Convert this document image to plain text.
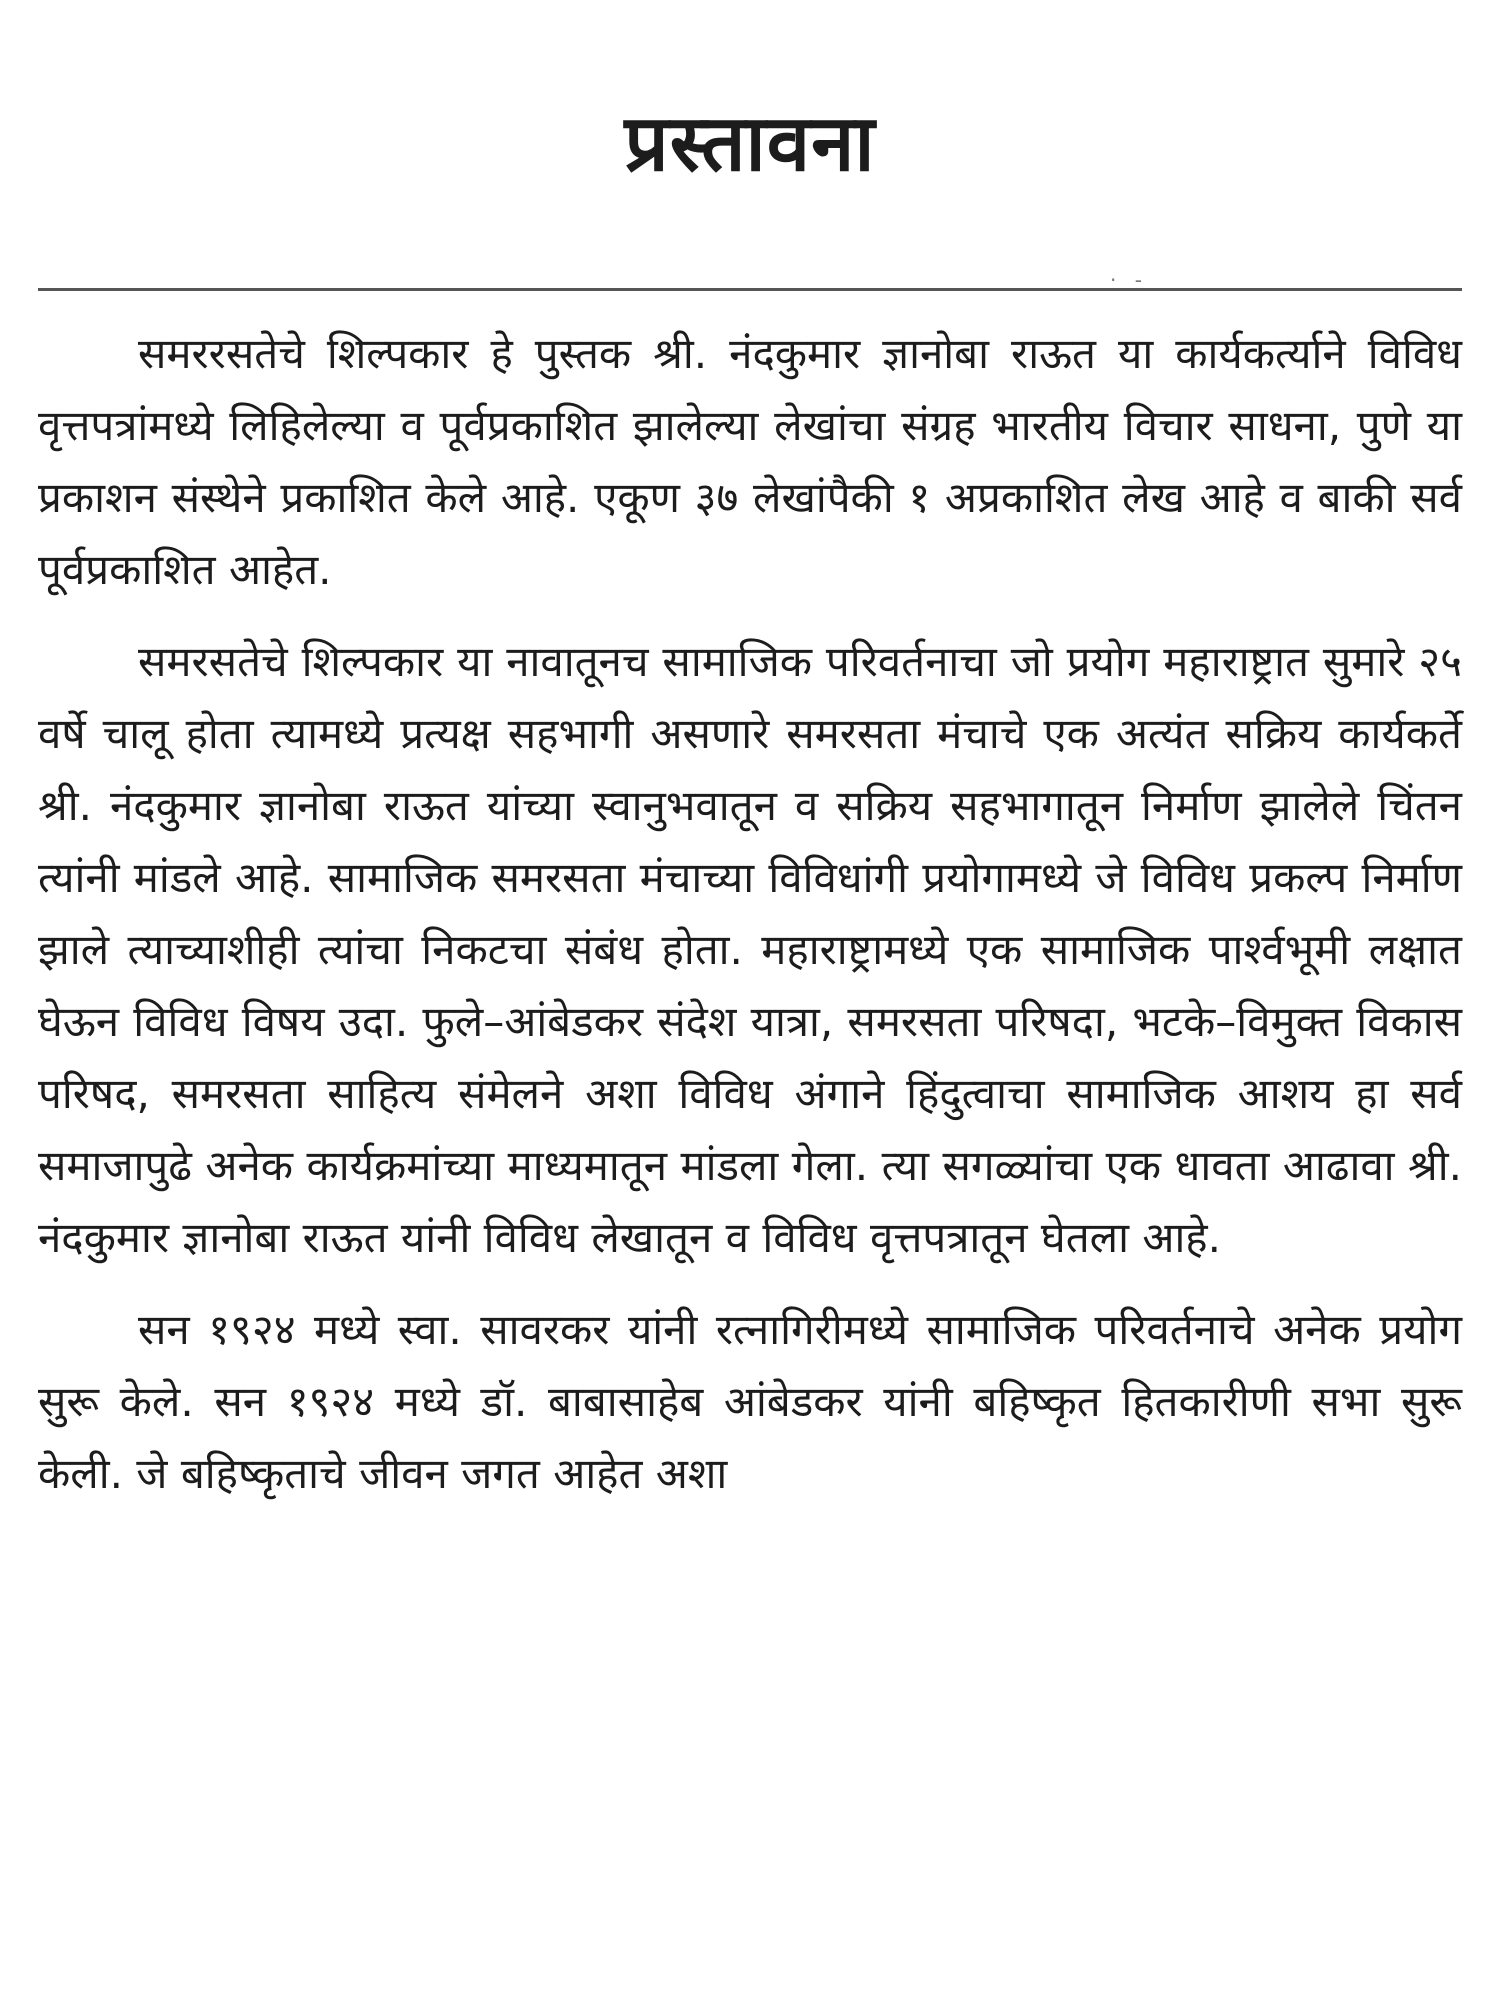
प्रस्तावना
· -

समररसतेचे शिल्पकार हे पुस्तक श्री. नंदकुमार ज्ञानोबा राऊत या कार्यकर्त्याने विविध वृत्तपत्रांमध्ये लिहिलेल्या व पूर्वप्रकाशित झालेल्या लेखांचा संग्रह भारतीय विचार साधना, पुणे या प्रकाशन संस्थेने प्रकाशित केले आहे. एकूण ३७ लेखांपैकी १ अप्रकाशित लेख आहे व बाकी सर्व पूर्वप्रकाशित आहेत.

समरसतेचे शिल्पकार या नावातूनच सामाजिक परिवर्तनाचा जो प्रयोग महाराष्ट्रात सुमारे २५ वर्षे चालू होता त्यामध्ये प्रत्यक्ष सहभागी असणारे समरसता मंचाचे एक अत्यंत सक्रिय कार्यकर्ते श्री. नंदकुमार ज्ञानोबा राऊत यांच्या स्वानुभवातून व सक्रिय सहभागातून निर्माण झालेले चिंतन त्यांनी मांडले आहे. सामाजिक समरसता मंचाच्या विविधांगी प्रयोगामध्ये जे विविध प्रकल्प निर्माण झाले त्याच्याशीही त्यांचा निकटचा संबंध होता. महाराष्ट्रामध्ये एक सामाजिक पार्श्वभूमी लक्षात घेऊन विविध विषय उदा. फुले–आंबेडकर संदेश यात्रा, समरसता परिषदा, भटके–विमुक्त विकास परिषद, समरसता साहित्य संमेलने अशा विविध अंगाने हिंदुत्वाचा सामाजिक आशय हा सर्व समाजापुढे अनेक कार्यक्रमांच्या माध्यमातून मांडला गेला. त्या सगळ्यांचा एक धावता आढावा श्री. नंदकुमार ज्ञानोबा राऊत यांनी विविध लेखातून व विविध वृत्तपत्रातून घेतला आहे.

सन १९२४ मध्ये स्वा. सावरकर यांनी रत्नागिरीमध्ये सामाजिक परिवर्तनाचे अनेक प्रयोग सुरू केले. सन १९२४ मध्ये डॉ. बाबासाहेब आंबेडकर यांनी बहिष्कृत हितकारीणी सभा सुरू केली. जे बहिष्कृताचे जीवन जगत आहेत अशा
